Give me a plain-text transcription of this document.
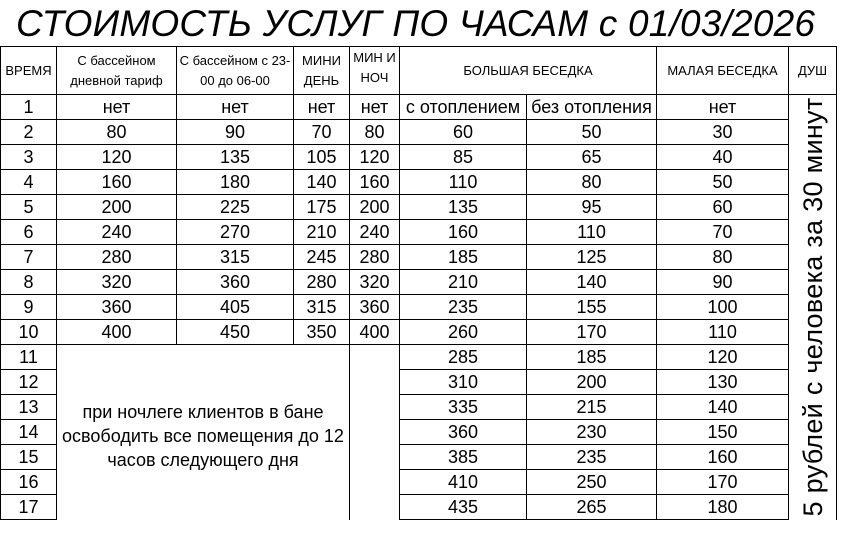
СТОИМОСТЬ УСЛУГ ПО ЧАСАМ с 01/03/2026
ВРЕМЯ	С бассейном дневной тариф	С бассейном с 23-00 до 06-00	МИНИ ДЕНЬ	МИН И НОЧ	БОЛЬШАЯ БЕСЕДКА		МАЛАЯ БЕСЕДКА	ДУШ
1	нет	нет	нет	нет	с отоплением	без отопления	нет	5 рублей с человека за 30 минут

2	80	90	70	80	60	50	30	
3	120	135	105	120	85	65	40	
4	160	180	140	160	110	80	50	
5	200	225	175	200	135	95	60	
6	240	270	210	240	160	110	70	
7	280	315	245	280	185	125	80	
8	320	360	280	320	210	140	90	
9	360	405	315	360	235	155	100	
10	400	450	350	400	260	170	110	
11	при ночлеге клиентов в бане освободить все помещения до 12 часов следующего дня				285	185	120	
12					310	200	130	
13					335	215	140	
14					360	230	150	
15					385	235	160	
16					410	250	170	
17					435	265	180	
